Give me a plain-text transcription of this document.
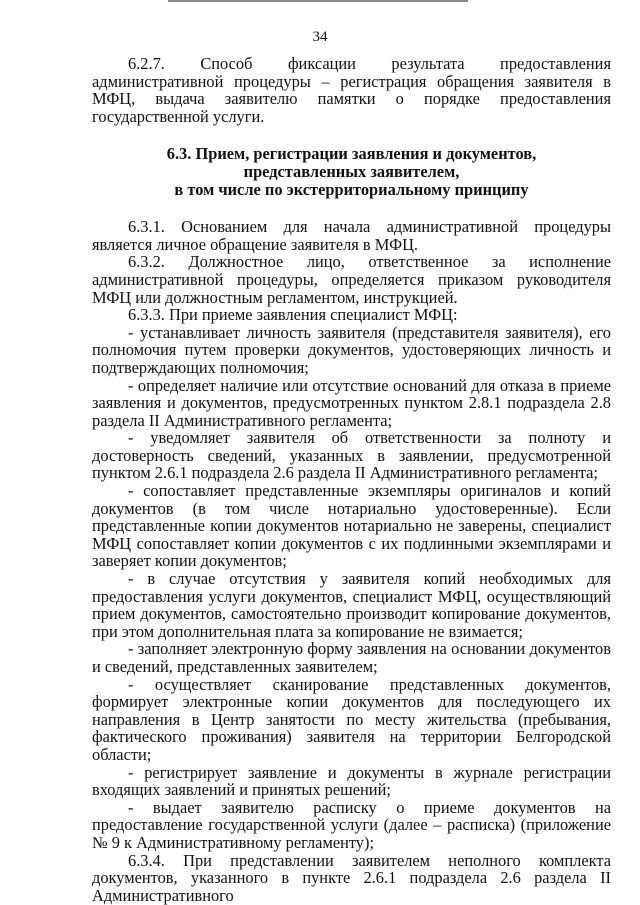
34

6.2.7. Способ фиксации результата предоставления административной процедуры – регистрация обращения заявителя в МФЦ, выдача заявителю памятки о порядке предоставления государственной услуги.

6.3. Прием, регистрации заявления и документов,
представленных заявителем,
в том числе по экстерриториальному принципу

6.3.1. Основанием для начала административной процедуры является личное обращение заявителя в МФЦ.

6.3.2. Должностное лицо, ответственное за исполнение административной процедуры, определяется приказом руководителя МФЦ или должностным регламентом, инструкцией.

6.3.3. При приеме заявления специалист МФЦ:

- устанавливает личность заявителя (представителя заявителя), его полномочия путем проверки документов, удостоверяющих личность и подтверждающих полномочия;

- определяет наличие или отсутствие оснований для отказа в приеме заявления и документов, предусмотренных пунктом 2.8.1 подраздела 2.8 раздела II Административного регламента;

- уведомляет заявителя об ответственности за полноту и достоверность сведений, указанных в заявлении, предусмотренной пунктом 2.6.1 подраздела 2.6 раздела II Административного регламента;

- сопоставляет представленные экземпляры оригиналов и копий документов (в том числе нотариально удостоверенные). Если представленные копии документов нотариально не заверены, специалист МФЦ сопоставляет копии документов с их подлинными экземплярами и заверяет копии документов;

- в случае отсутствия у заявителя копий необходимых для предоставления услуги документов, специалист МФЦ, осуществляющий прием документов, самостоятельно производит копирование документов, при этом дополнительная плата за копирование не взимается;

- заполняет электронную форму заявления на основании документов и сведений, представленных заявителем;

- осуществляет сканирование представленных документов, формирует электронные копии документов для последующего их направления в Центр занятости по месту жительства (пребывания, фактического проживания) заявителя на территории Белгородской области;

- регистрирует заявление и документы в журнале регистрации входящих заявлений и принятых решений;

- выдает заявителю расписку о приеме документов на предоставление государственной услуги (далее – расписка) (приложение № 9 к Административному регламенту);

6.3.4. При представлении заявителем неполного комплекта документов, указанного в пункте 2.6.1 подраздела 2.6 раздела II Административного
